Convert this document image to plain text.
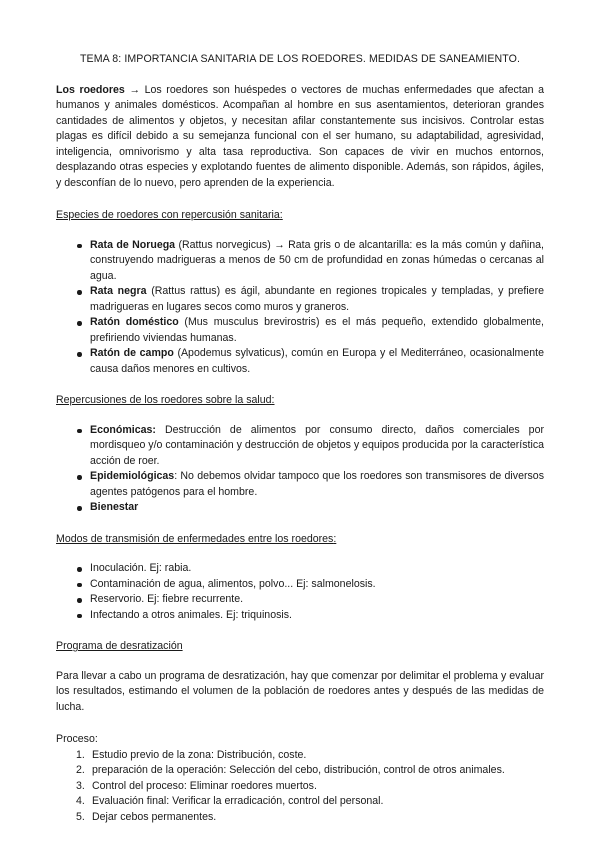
TEMA 8: IMPORTANCIA SANITARIA DE LOS ROEDORES. MEDIDAS DE SANEAMIENTO.

Los roedores → Los roedores son huéspedes o vectores de muchas enfermedades que afectan a humanos y animales domésticos. Acompañan al hombre en sus asentamientos, deterioran grandes cantidades de alimentos y objetos, y necesitan afilar constantemente sus incisivos. Controlar estas plagas es difícil debido a su semejanza funcional con el ser humano, su adaptabilidad, agresividad, inteligencia, omnivorismo y alta tasa reproductiva. Son capaces de vivir en muchos entornos, desplazando otras especies y explotando fuentes de alimento disponible. Además, son rápidos, ágiles, y desconfían de lo nuevo, pero aprenden de la experiencia.

Especies de roedores con repercusión sanitaria:
Rata de Noruega (Rattus norvegicus) → Rata gris o de alcantarilla: es la más común y dañina, construyendo madrigueras a menos de 50 cm de profundidad en zonas húmedas o cercanas al agua.
Rata negra (Rattus rattus) es ágil, abundante en regiones tropicales y templadas, y prefiere madrigueras en lugares secos como muros y graneros.
Ratón doméstico (Mus musculus brevirostris) es el más pequeño, extendido globalmente, prefiriendo viviendas humanas.
Ratón de campo (Apodemus sylvaticus), común en Europa y el Mediterráneo, ocasionalmente causa daños menores en cultivos.
Repercusiones de los roedores sobre la salud:
Económicas: Destrucción de alimentos por consumo directo, daños comerciales por mordisqueo y/o contaminación y destrucción de objetos y equipos producida por la característica acción de roer.
Epidemiológicas: No debemos olvidar tampoco que los roedores son transmisores de diversos agentes patógenos para el hombre.
Bienestar
Modos de transmisión de enfermedades entre los roedores:
Inoculación. Ej: rabia.
Contaminación de agua, alimentos, polvo... Ej: salmonelosis.
Reservorio. Ej: fiebre recurrente.
Infectando a otros animales. Ej: triquinosis.
Programa de desratización

Para llevar a cabo un programa de desratización, hay que comenzar por delimitar el problema y evaluar los resultados, estimando el volumen de la población de roedores antes y después de las medidas de lucha.

Proceso:

1. Estudio previo de la zona: Distribución, coste.
2. preparación de la operación: Selección del cebo, distribución, control de otros animales.
3. Control del proceso: Eliminar roedores muertos.
4. Evaluación final: Verificar la erradicación, control del personal.
5. Dejar cebos permanentes.
